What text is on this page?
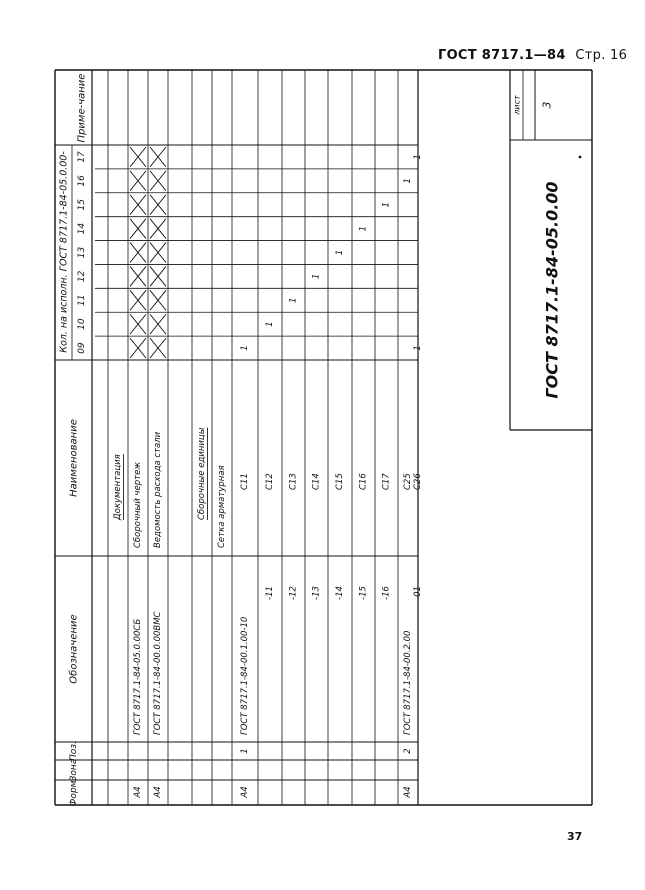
ГОСТ 8717.1—84 Стр. 16
37
Приме-чание
Кол. на исполн. ГОСТ 8717.1-84-05.0.00- 09
10
11
12
13
14
15
16
17
Наименование
Обозначение
Поз.
Зона
Форм.
Документация
А4
ГОСТ 8717.1-84-05.0.00СБ
Сборочный чертеж
А4
ГОСТ 8717.1-84-00.0.00ВМС
Ведомость расхода стали	Сборочные единицы Сетка арматурная
А4
1
ГОСТ 8717.1-84-00.1.00-10
С11
1
-11
С12
1
-12
С13
1
-13
С14
1
-14
С15
1
-15
С16
1
-16
С17
1
А4
2
ГОСТ 8717.1-84-00.2.00
С25
1
-01
С26
1
1
лист 3
ГОСТ 8717.1-84-05.0.00
